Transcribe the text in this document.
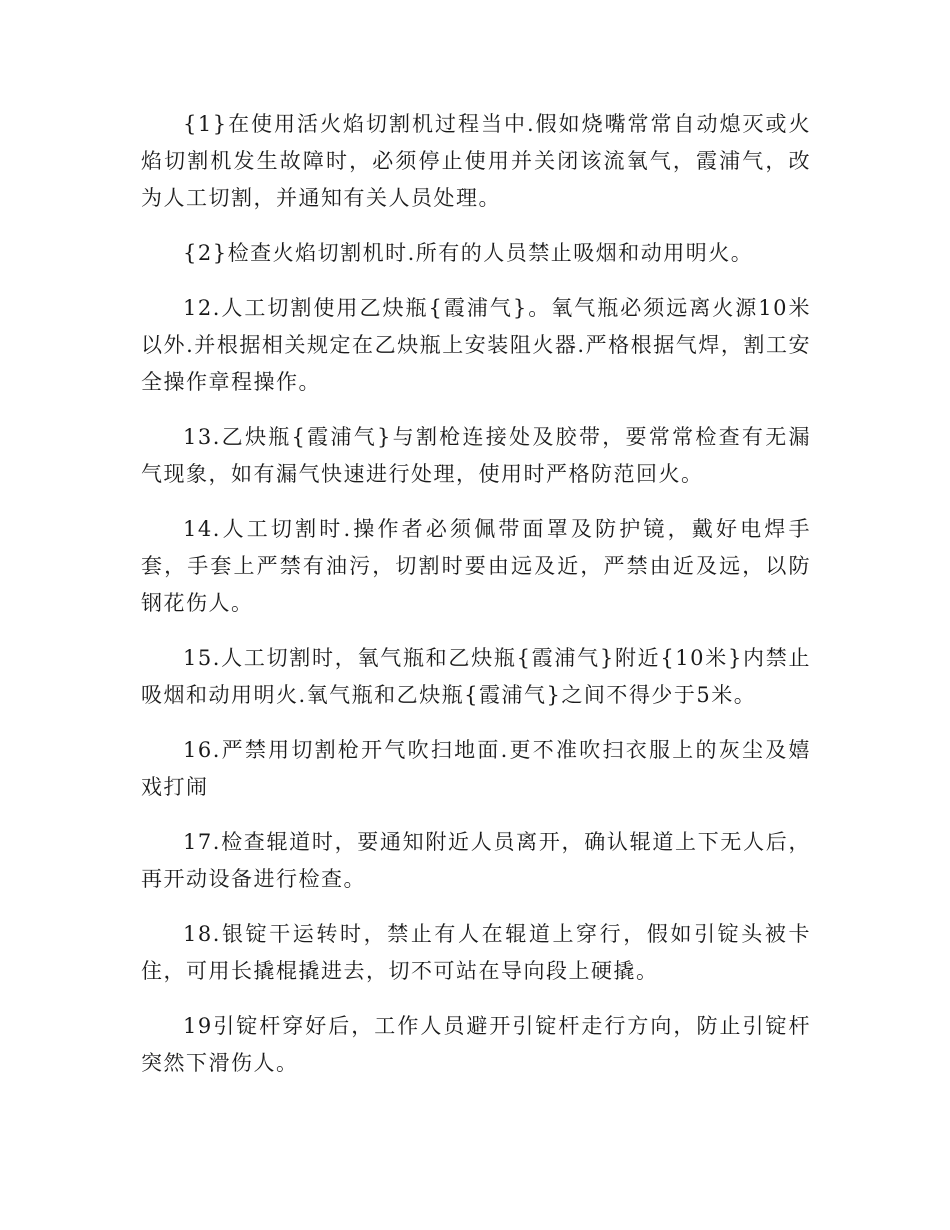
{1}在使用活火焰切割机过程当中.假如烧嘴常常自动熄灭或火焰切割机发生故障时，必须停止使用并关闭该流氧气，霞浦气，改为人工切割，并通知有关人员处理。

{2}检查火焰切割机时.所有的人员禁止吸烟和动用明火。

12.人工切割使用乙炔瓶{霞浦气}。氧气瓶必须远离火源10米以外.并根据相关规定在乙炔瓶上安装阻火器.严格根据气焊，割工安全操作章程操作。

13.乙炔瓶{霞浦气}与割枪连接处及胶带，要常常检查有无漏气现象，如有漏气快速进行处理，使用时严格防范回火。

14.人工切割时.操作者必须佩带面罩及防护镜，戴好电焊手套，手套上严禁有油污，切割时要由远及近，严禁由近及远，以防钢花伤人。

15.人工切割时，氧气瓶和乙炔瓶{霞浦气}附近{10米}内禁止吸烟和动用明火.氧气瓶和乙炔瓶{霞浦气}之间不得少于5米。

16.严禁用切割枪开气吹扫地面.更不准吹扫衣服上的灰尘及嬉戏打闹

17.检查辊道时，要通知附近人员离开，确认辊道上下无人后，再开动设备进行检查。

18.银锭干运转时，禁止有人在辊道上穿行，假如引锭头被卡住，可用长撬棍撬进去，切不可站在导向段上硬撬。

19引锭杆穿好后，工作人员避开引锭杆走行方向，防止引锭杆突然下滑伤人。
